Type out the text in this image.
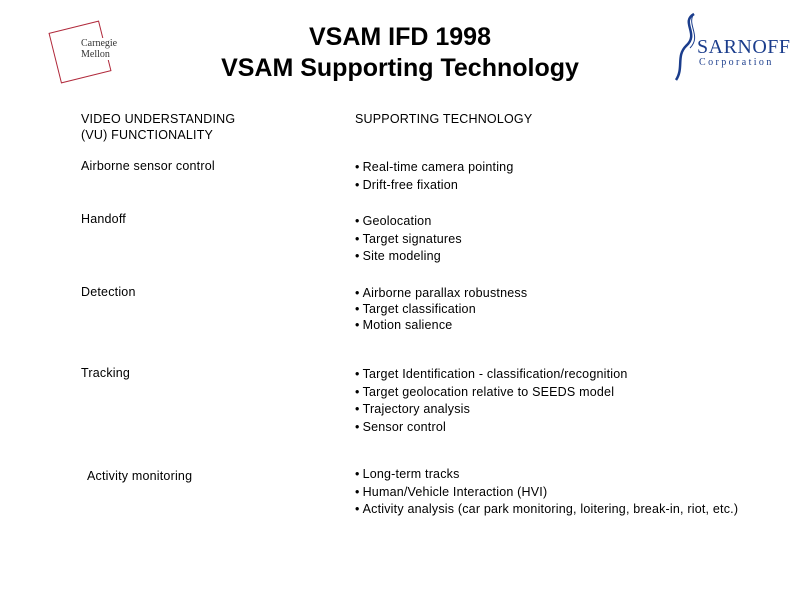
Carnegie
Mellon
VSAM IFD 1998
VSAM Supporting Technology
SARNOFF
Corporation
VIDEO UNDERSTANDING
(VU) FUNCTIONALITY
SUPPORTING TECHNOLOGY
Airborne sensor control	• Real-time camera pointing
• Drift-free fixation
Handoff	• Geolocation
• Target signatures
• Site modeling
Detection	• Airborne parallax robustness
• Target classification
• Motion salience
Tracking	• Target Identification - classification/recognition
• Target geolocation relative to SEEDS model
• Trajectory analysis
• Sensor control
Activity monitoring	• Long-term tracks
• Human/Vehicle Interaction (HVI)
• Activity analysis (car park monitoring, loitering, break-in, riot, etc.)
